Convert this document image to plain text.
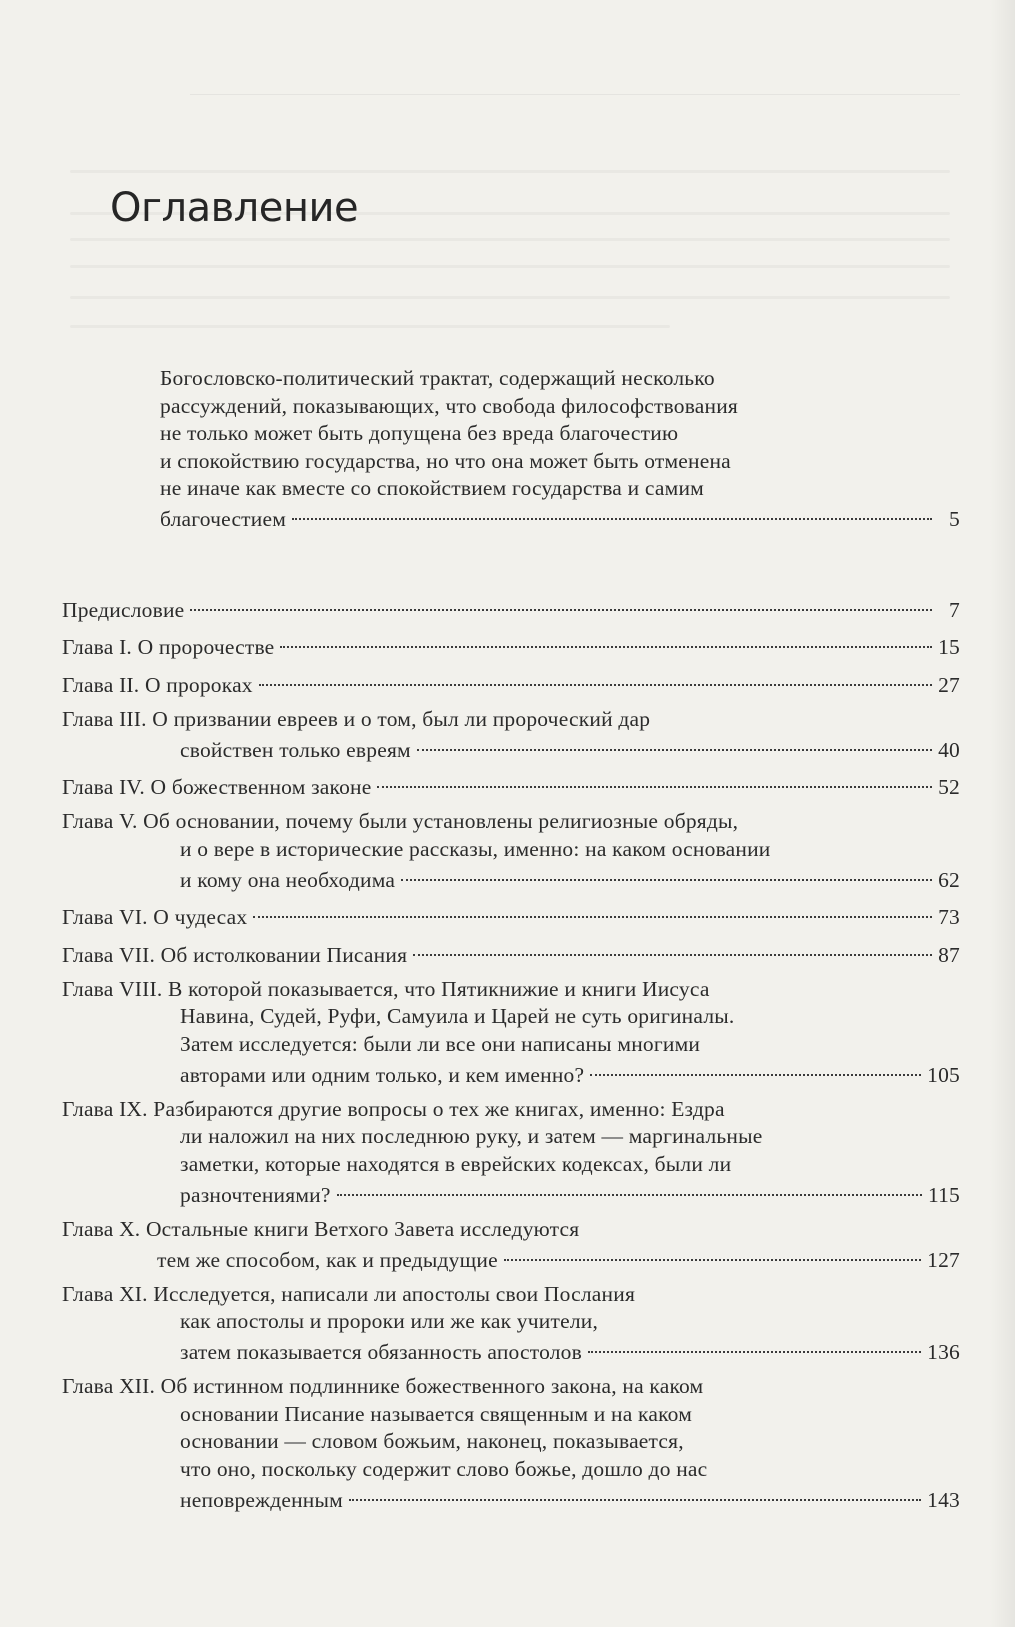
Оглавление
Богословско-политический трактат, содержащий несколько
рассуждений, показывающих, что свобода философствования
не только может быть допущена без вреда благочестию
и спокойствию государства, но что она может быть отменена
не иначе как вместе со спокойствием государства и самим
благочестием	5
Предисловие	7
Глава I. О пророчестве	15
Глава II. О пророках	27
Глава III. О призвании евреев и о том, был ли пророческий дар
свойствен только евреям	40
Глава IV. О божественном законе	52
Глава V. Об основании, почему были установлены религиозные обряды,
и о вере в исторические рассказы, именно: на каком основании
и кому она необходима	62
Глава VI. О чудесах	73
Глава VII. Об истолковании Писания	87
Глава VIII. В которой показывается, что Пятикнижие и книги Иисуса
Навина, Судей, Руфи, Самуила и Царей не суть оригиналы.
Затем исследуется: были ли все они написаны многими
авторами или одним только, и кем именно?	105
Глава IX. Разбираются другие вопросы о тех же книгах, именно: Ездра
ли наложил на них последнюю руку, и затем — маргинальные
заметки, которые находятся в еврейских кодексах, были ли
разночтениями?	115
Глава X. Остальные книги Ветхого Завета исследуются
тем же способом, как и предыдущие	127
Глава XI. Исследуется, написали ли апостолы свои Послания
как апостолы и пророки или же как учители,
затем показывается обязанность апостолов	136
Глава XII. Об истинном подлиннике божественного закона, на каком
основании Писание называется священным и на каком
основании — словом божьим, наконец, показывается,
что оно, поскольку содержит слово божье, дошло до нас
неповрежденным	143
